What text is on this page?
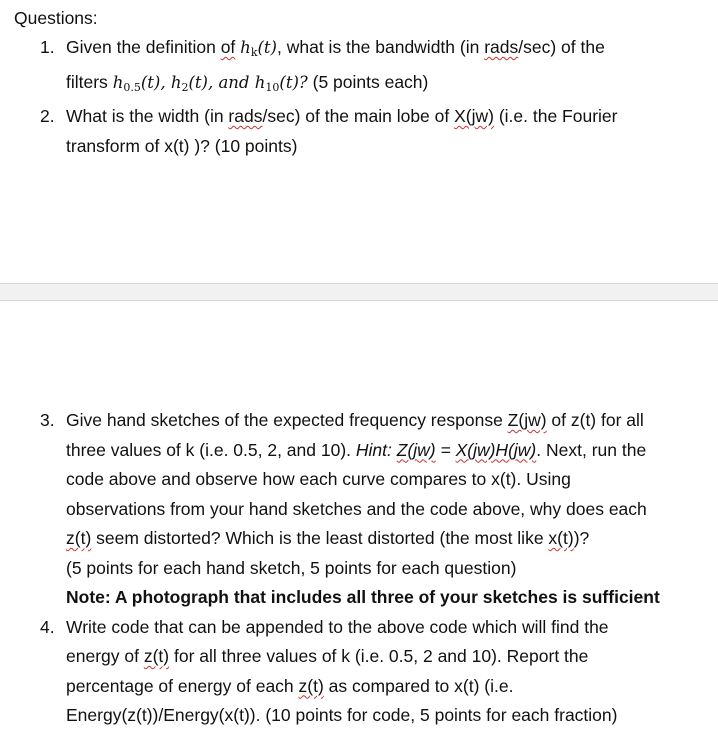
Questions:
1. Given the definition of $h_k(t)$, what is the bandwidth (in rads/sec) of the
filters $h_{0.5}(t)$, $h_2(t)$, and $h_{10}(t)$? (5 points each)
2. What is the width (in rads/sec) of the main lobe of X(jw) (i.e. the Fourier
transform of x(t) )? (10 points)
3. Give hand sketches of the expected frequency response Z(jw) of z(t) for all
three values of k (i.e. 0.5, 2, and 10). Hint: Z(jw) = X(jw)H(jw). Next, run the
code above and observe how each curve compares to x(t). Using
observations from your hand sketches and the code above, why does each
z(t) seem distorted? Which is the least distorted (the most like x(t))?
(5 points for each hand sketch, 5 points for each question)
Note: A photograph that includes all three of your sketches is sufficient
4. Write code that can be appended to the above code which will find the
energy of z(t) for all three values of k (i.e. 0.5, 2 and 10). Report the
percentage of energy of each z(t) as compared to x(t) (i.e.
Energy(z(t))/Energy(x(t)). (10 points for code, 5 points for each fraction)
